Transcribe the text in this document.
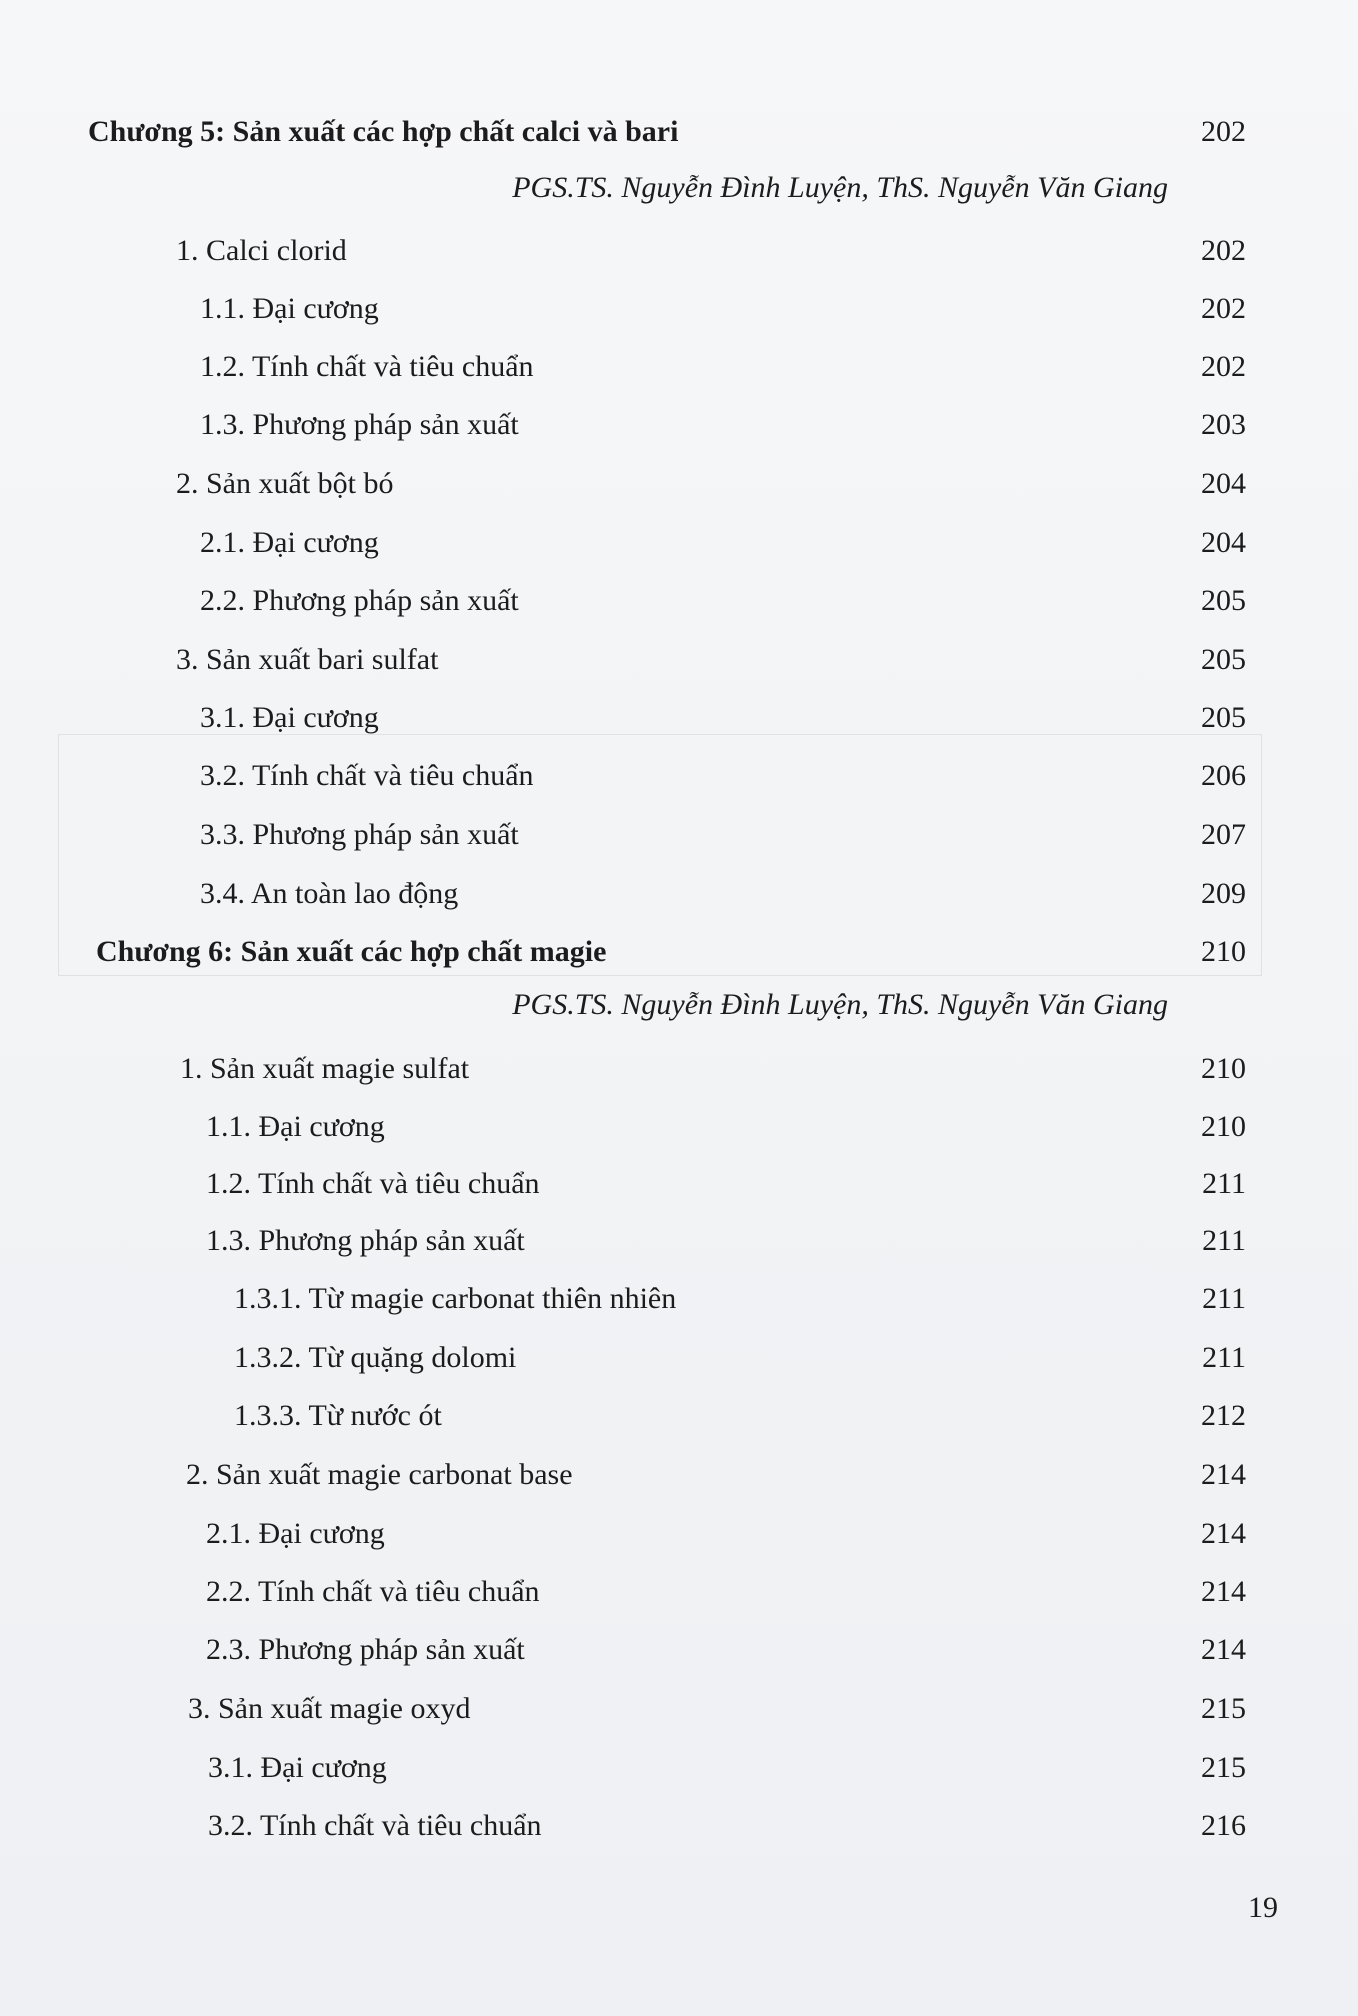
Chương 5: Sản xuất các hợp chất calci và bari	202
PGS.TS. Nguyễn Đình Luyện, ThS. Nguyễn Văn Giang
1. Calci clorid	202
1.1. Đại cương	202
1.2. Tính chất và tiêu chuẩn	202
1.3. Phương pháp sản xuất	203
2. Sản xuất bột bó	204
2.1. Đại cương	204
2.2. Phương pháp sản xuất	205
3. Sản xuất bari sulfat	205
3.1. Đại cương	205
3.2. Tính chất và tiêu chuẩn	206
3.3. Phương pháp sản xuất	207
3.4. An toàn lao động	209
Chương 6: Sản xuất các hợp chất magie	210
PGS.TS. Nguyễn Đình Luyện, ThS. Nguyễn Văn Giang
1. Sản xuất magie sulfat	210
1.1. Đại cương	210
1.2. Tính chất và tiêu chuẩn	211
1.3. Phương pháp sản xuất	211
1.3.1. Từ magie carbonat thiên nhiên	211
1.3.2. Từ quặng dolomi	211
1.3.3. Từ nước ót	212
2. Sản xuất magie carbonat base	214
2.1. Đại cương	214
2.2. Tính chất và tiêu chuẩn	214
2.3. Phương pháp sản xuất	214
3. Sản xuất magie oxyd	215
3.1. Đại cương	215
3.2. Tính chất và tiêu chuẩn	216
19
